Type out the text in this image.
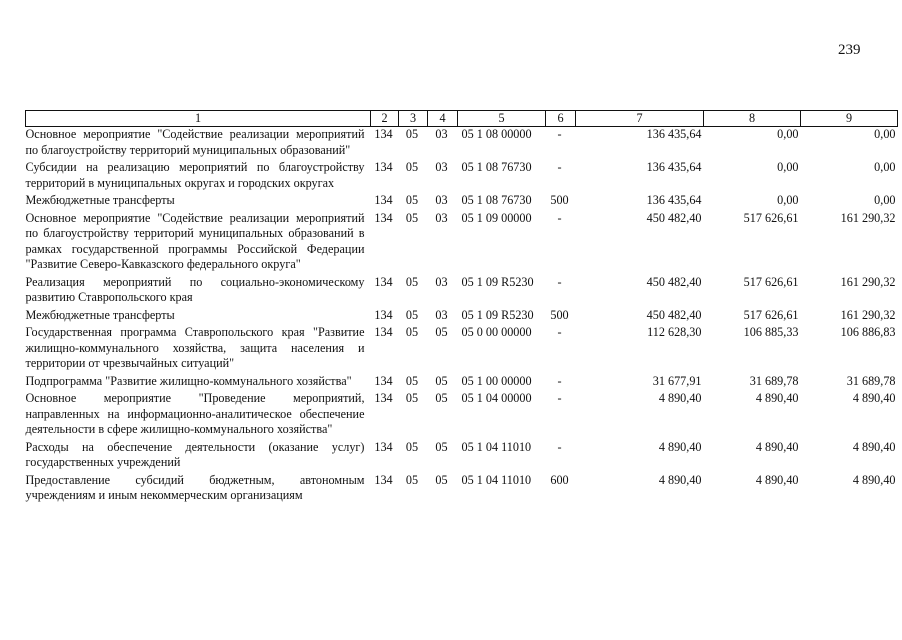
239
1	2	3	4	5	6	7	8	9
Основное мероприятие "Содействие реализации мероприятий по благоустройству территорий муниципальных образований"	134	05	03	05 1 08 00000	-	136 435,64	0,00	0,00
Субсидии на реализацию мероприятий по благоустройству территорий в муниципальных округах и городских округах	134	05	03	05 1 08 76730	-	136 435,64	0,00	0,00
Межбюджетные трансферты	134	05	03	05 1 08 76730	500	136 435,64	0,00	0,00
Основное мероприятие "Содействие реализации мероприятий по благоустройству территорий муниципальных образований в рамках государственной программы Российской Федерации "Развитие Северо-Кавказского федерального округа"	134	05	03	05 1 09 00000	-	450 482,40	517 626,61	161 290,32
Реализация мероприятий по социально-экономическому развитию Ставропольского края	134	05	03	05 1 09 R5230	-	450 482,40	517 626,61	161 290,32
Межбюджетные трансферты	134	05	03	05 1 09 R5230	500	450 482,40	517 626,61	161 290,32
Государственная программа Ставропольского края "Развитие жилищно-коммунального хозяйства, защита населения и территории от чрезвычайных ситуаций"	134	05	05	05 0 00 00000	-	112 628,30	106 885,33	106 886,83
Подпрограмма "Развитие жилищно-коммунального хозяйства"	134	05	05	05 1 00 00000	-	31 677,91	31 689,78	31 689,78
Основное мероприятие "Проведение мероприятий, направленных на информационно-аналитическое обеспечение деятельности в сфере жилищно-коммунального хозяйства"	134	05	05	05 1 04 00000	-	4 890,40	4 890,40	4 890,40
Расходы на обеспечение деятельности (оказание услуг) государственных учреждений	134	05	05	05 1 04 11010	-	4 890,40	4 890,40	4 890,40
Предоставление субсидий бюджетным, автономным учреждениям и иным некоммерческим организациям	134	05	05	05 1 04 11010	600	4 890,40	4 890,40	4 890,40
